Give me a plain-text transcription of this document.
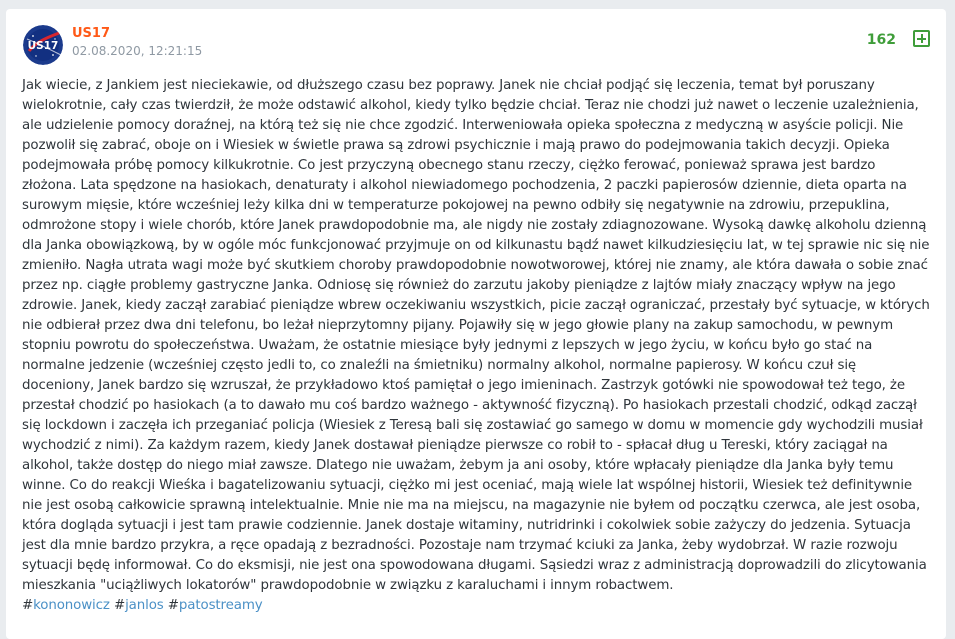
US17
US17
02.08.2020, 12:21:15
162
Jak wiecie, z Jankiem jest nieciekawie, od dłuższego czasu bez poprawy. Janek nie chciał podjąć się leczenia, temat był poruszany wielokrotnie, cały czas twierdził, że może odstawić alkohol, kiedy tylko będzie chciał. Teraz nie chodzi już nawet o leczenie uzależnienia, ale udzielenie pomocy doraźnej, na którą też się nie chce zgodzić. Interweniowała opieka społeczna z medyczną w asyście policji. Nie pozwolił się zabrać, oboje on i Wiesiek w świetle prawa są zdrowi psychicznie i mają prawo do podejmowania takich decyzji. Opieka podejmowała próbę pomocy kilkukrotnie. Co jest przyczyną obecnego stanu rzeczy, ciężko ferować, ponieważ sprawa jest bardzo złożona. Lata spędzone na hasiokach, denaturaty i alkohol niewiadomego pochodzenia, 2 paczki papierosów dziennie, dieta oparta na surowym mięsie, które wcześniej leży kilka dni w temperaturze pokojowej na pewno odbiły się negatywnie na zdrowiu, przepuklina, odmrożone stopy i wiele chorób, które Janek prawdopodobnie ma, ale nigdy nie zostały zdiagnozowane. Wysoką dawkę alkoholu dzienną dla Janka obowiązkową, by w ogóle móc funkcjonować przyjmuje on od kilkunastu bądź nawet kilkudziesięciu lat, w tej sprawie nic się nie zmieniło. Nagła utrata wagi może być skutkiem choroby prawdopodobnie nowotworowej, której nie znamy, ale która dawała o sobie znać przez np. ciągłe problemy gastryczne Janka. Odniosę się również do zarzutu jakoby pieniądze z lajtów miały znaczący wpływ na jego zdrowie. Janek, kiedy zaczął zarabiać pieniądze wbrew oczekiwaniu wszystkich, picie zaczął ograniczać, przestały być sytuacje, w których nie odbierał przez dwa dni telefonu, bo leżał nieprzytomny pijany. Pojawiły się w jego głowie plany na zakup samochodu, w pewnym stopniu powrotu do społeczeństwa. Uważam, że ostatnie miesiące były jednymi z lepszych w jego życiu, w końcu było go stać na normalne jedzenie (wcześniej często jedli to, co znaleźli na śmietniku) normalny alkohol, normalne papierosy. W końcu czuł się doceniony, Janek bardzo się wzruszał, że przykładowo ktoś pamiętał o jego imieninach. Zastrzyk gotówki nie spowodował też tego, że przestał chodzić po hasiokach (a to dawało mu coś bardzo ważnego - aktywność fizyczną). Po hasiokach przestali chodzić, odkąd zaczął się lockdown i zaczęła ich przeganiać policja (Wiesiek z Teresą bali się zostawiać go samego w domu w momencie gdy wychodzili musiał wychodzić z nimi). Za każdym razem, kiedy Janek dostawał pieniądze pierwsze co robił to - spłacał dług u Tereski, który zaciągał na alkohol, także dostęp do niego miał zawsze. Dlatego nie uważam, żebym ja ani osoby, które wpłacały pieniądze dla Janka były temu winne. Co do reakcji Wieśka i bagatelizowaniu sytuacji, ciężko mi jest oceniać, mają wiele lat wspólnej historii, Wiesiek też definitywnie nie jest osobą całkowicie sprawną intelektualnie. Mnie nie ma na miejscu, na magazynie nie byłem od początku czerwca, ale jest osoba, która dogląda sytuacji i jest tam prawie codziennie. Janek dostaje witaminy, nutridrinki i cokolwiek sobie zażyczy do jedzenia. Sytuacja jest dla mnie bardzo przykra, a ręce opadają z bezradności. Pozostaje nam trzymać kciuki za Janka, żeby wydobrzał. W razie rozwoju sytuacji będę informował. Co do eksmisji, nie jest ona spowodowana długami. Sąsiedzi wraz z administracją doprowadzili do zlicytowania mieszkania "uciążliwych lokatorów" prawdopodobnie w związku z karaluchami i innym robactwem.
#kononowicz #janlos #patostreamy
